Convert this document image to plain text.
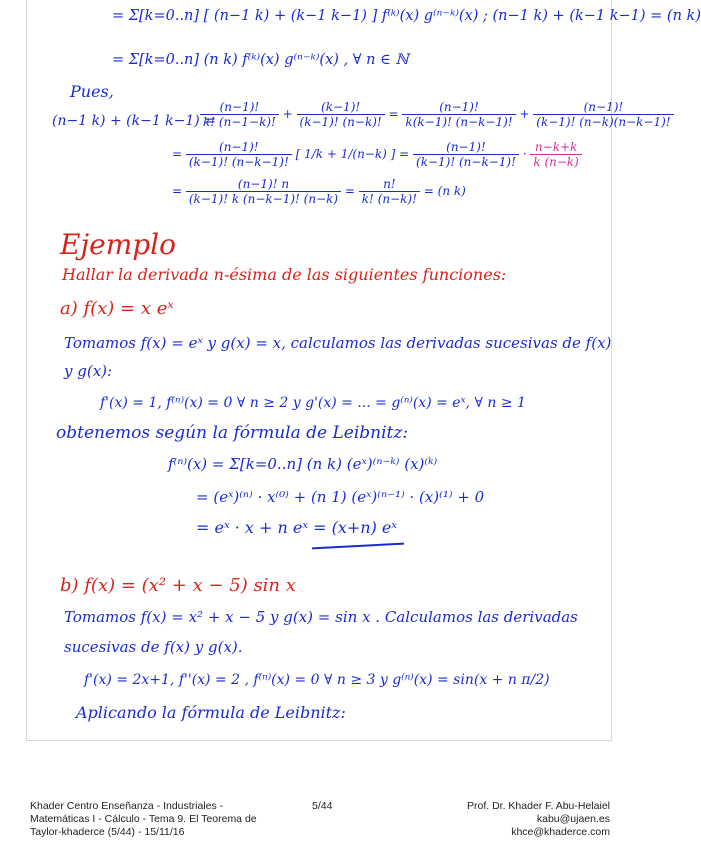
= Σ[k=0..n] [ (n−1 k) + (k−1 k−1) ] f⁽ᵏ⁾(x) g⁽ⁿ⁻ᵏ⁾(x) ; (n−1 k) + (k−1 k−1) = (n k)
= Σ[k=0..n] (n k) f⁽ᵏ⁾(x) g⁽ⁿ⁻ᵏ⁾(x) , ∀ n ∈ ℕ
Pues,
(n−1 k) + (k−1 k−1) =
$\frac{(n-1)!}{k! (n-1-k)!} + \frac{(k-1)!}{(k-1)! (n-k)!} = \frac{(n-1)!}{k(k-1)! (n-k-1)!} + \frac{(n-1)!}{(k-1)! (n-k)(n-k-1)!}$
= $\frac{(n-1)!}{(k-1)! (n-k-1)!}$ [ 1/k + 1/(n−k) ] = $\frac{(n-1)!}{(k-1)! (n-k-1)!} \cdot \frac{n-k+k}{k (n-k)}$
= $\frac{(n-1)! n}{(k-1)! k (n-k-1)! (n-k)} = \frac{n!}{k! (n-k)!} = (n$ k)
Ejemplo
Hallar la derivada n-ésima de las siguientes funciones:
a) f(x) = x eˣ
Tomamos f(x) = eˣ y g(x) = x, calculamos las derivadas sucesivas de f(x)
y g(x):
f'(x) = 1, f⁽ⁿ⁾(x) = 0 ∀ n ≥ 2 y g'(x) = ... = g⁽ⁿ⁾(x) = eˣ, ∀ n ≥ 1
obtenemos según la fórmula de Leibnitz:
f⁽ⁿ⁾(x) = Σ[k=0..n] (n k) (eˣ)⁽ⁿ⁻ᵏ⁾ (x)⁽ᵏ⁾
= (eˣ)⁽ⁿ⁾ · x⁽⁰⁾ + (n 1) (eˣ)⁽ⁿ⁻¹⁾ · (x)⁽¹⁾ + 0
= eˣ · x + n eˣ = (x+n) eˣ
b) f(x) = (x² + x − 5) sin x
Tomamos f(x) = x² + x − 5 y g(x) = sin x . Calculamos las derivadas
sucesivas de f(x) y g(x).
f'(x) = 2x+1, f''(x) = 2 , f⁽ⁿ⁾(x) = 0 ∀ n ≥ 3 y g⁽ⁿ⁾(x) = sin(x + n π/2)
Aplicando la fórmula de Leibnitz:
Khader Centro Enseñanza - Industriales - Matemáticas I - Cálculo - Tema 9. El Teorema de Taylor-khaderce (5/44) - 15/11/16
5/44	Prof. Dr. Khader F. Abu-Helaiel
kabu@ujaen.es
khce@khaderce.com
